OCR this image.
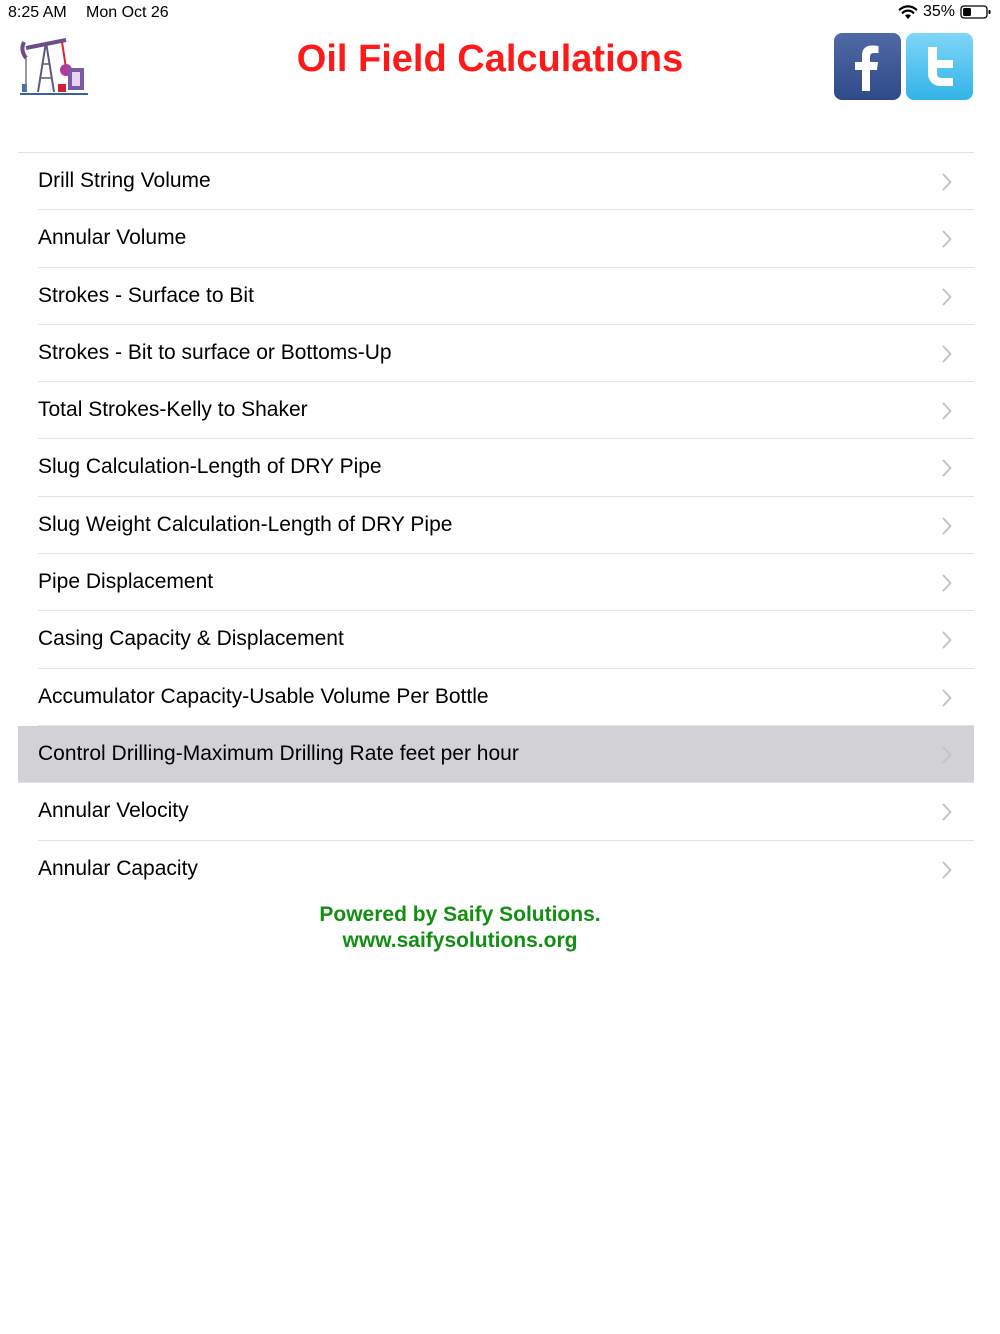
8:25 AM Mon Oct 26	35%
Oil Field Calculations
Drill String Volume
Annular Volume
Strokes - Surface to Bit
Strokes - Bit to surface or Bottoms-Up
Total Strokes-Kelly to Shaker
Slug Calculation-Length of DRY Pipe
Slug Weight Calculation-Length of DRY Pipe
Pipe Displacement
Casing Capacity & Displacement
Accumulator Capacity-Usable Volume Per Bottle
Control Drilling-Maximum Drilling Rate feet per hour
Annular Velocity
Annular Capacity
Powered by Saify Solutions.
www.saifysolutions.org
